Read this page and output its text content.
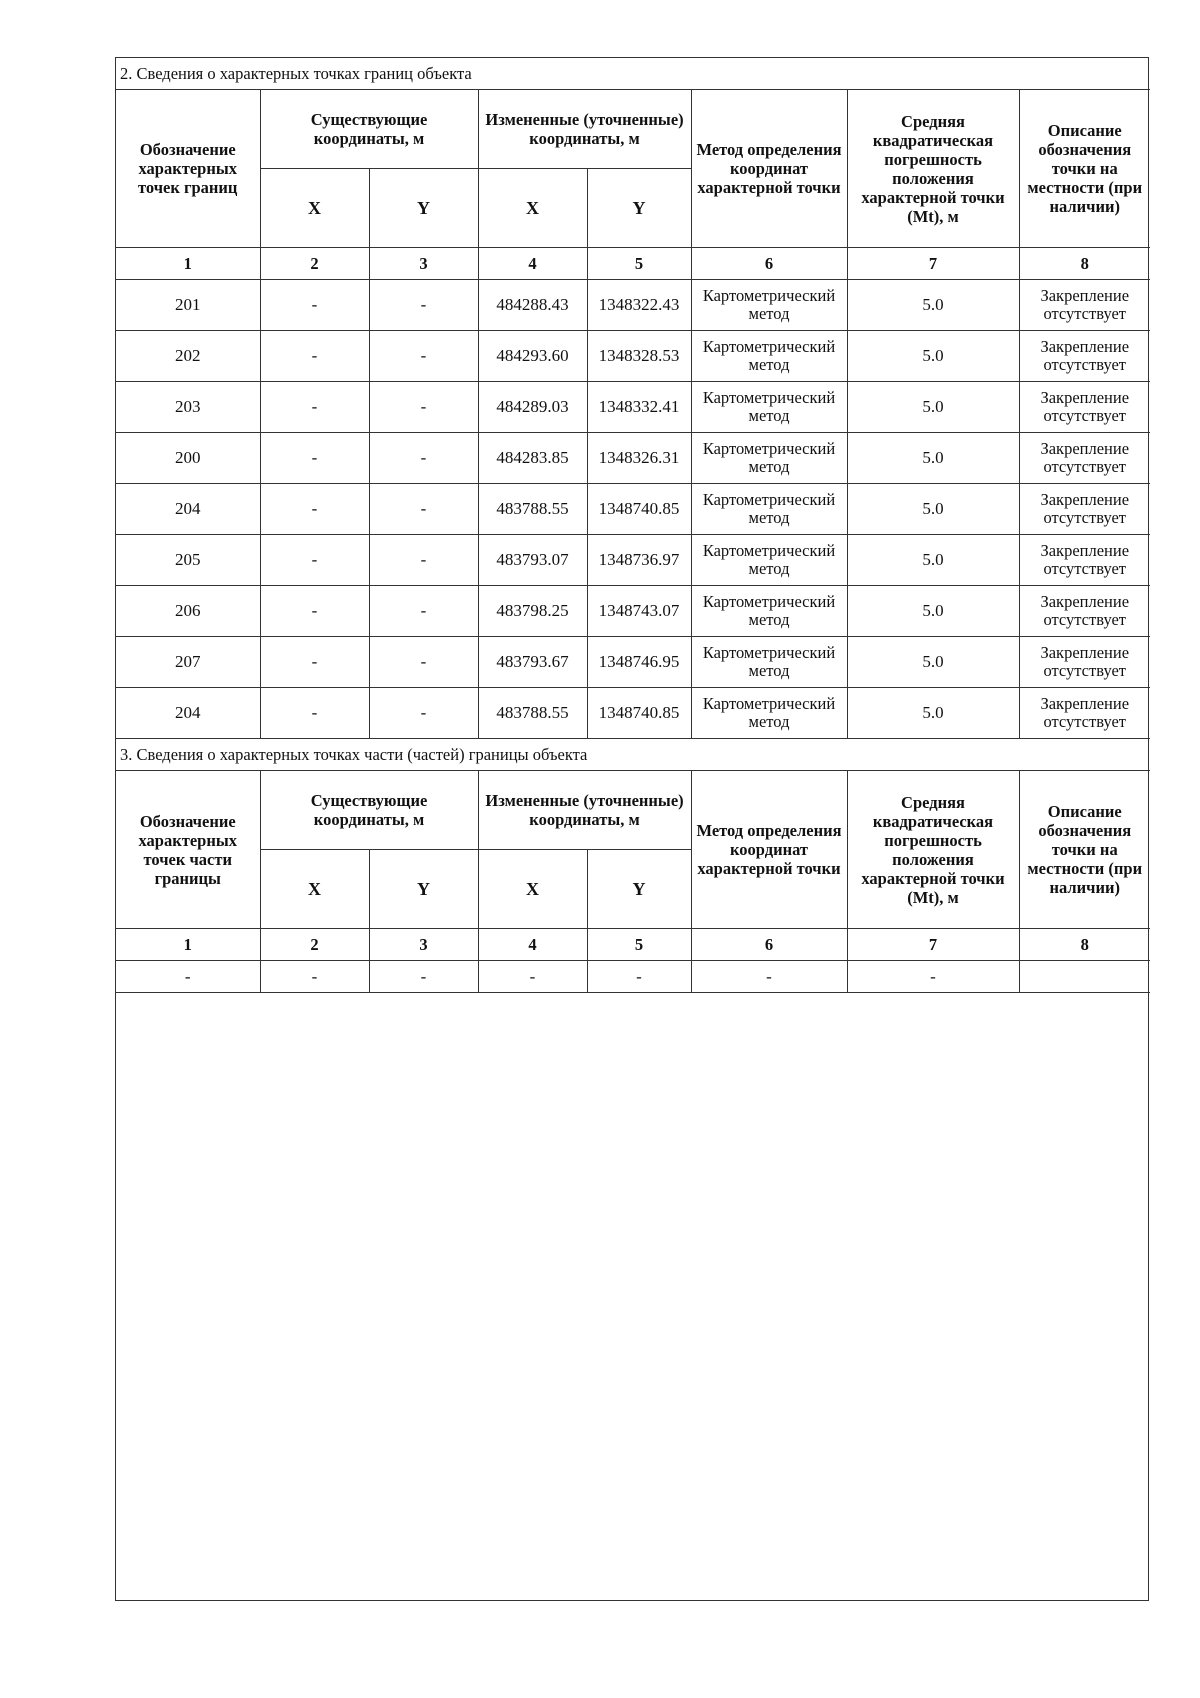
2. Сведения о характерных точках границ объекта							
Обозначение характерных точек границ	Существующие координаты, м		Измененные (уточненные) координаты, м		Метод определения координат характерной точки	Средняя квадратическая погрешность положения характерной точки (Mt), м	Описание обозначения точки на местности (при наличии)
	X	Y	X	Y			
1	2	3	4	5	6	7	8
201	-	-	484288.43	1348322.43	Картометрический метод	5.0	Закрепление отсутствует
202	-	-	484293.60	1348328.53	Картометрический метод	5.0	Закрепление отсутствует
203	-	-	484289.03	1348332.41	Картометрический метод	5.0	Закрепление отсутствует
200	-	-	484283.85	1348326.31	Картометрический метод	5.0	Закрепление отсутствует
204	-	-	483788.55	1348740.85	Картометрический метод	5.0	Закрепление отсутствует
205	-	-	483793.07	1348736.97	Картометрический метод	5.0	Закрепление отсутствует
206	-	-	483798.25	1348743.07	Картометрический метод	5.0	Закрепление отсутствует
207	-	-	483793.67	1348746.95	Картометрический метод	5.0	Закрепление отсутствует
204	-	-	483788.55	1348740.85	Картометрический метод	5.0	Закрепление отсутствует
3. Сведения о характерных точках части (частей) границы объекта							
Обозначение характерных точек части границы	Существующие координаты, м		Измененные (уточненные) координаты, м		Метод определения координат характерной точки	Средняя квадратическая погрешность положения характерной точки (Mt), м	Описание обозначения точки на местности (при наличии)
	X	Y	X	Y			
1	2	3	4	5	6	7	8
-	-	-	-	-	-	-	
